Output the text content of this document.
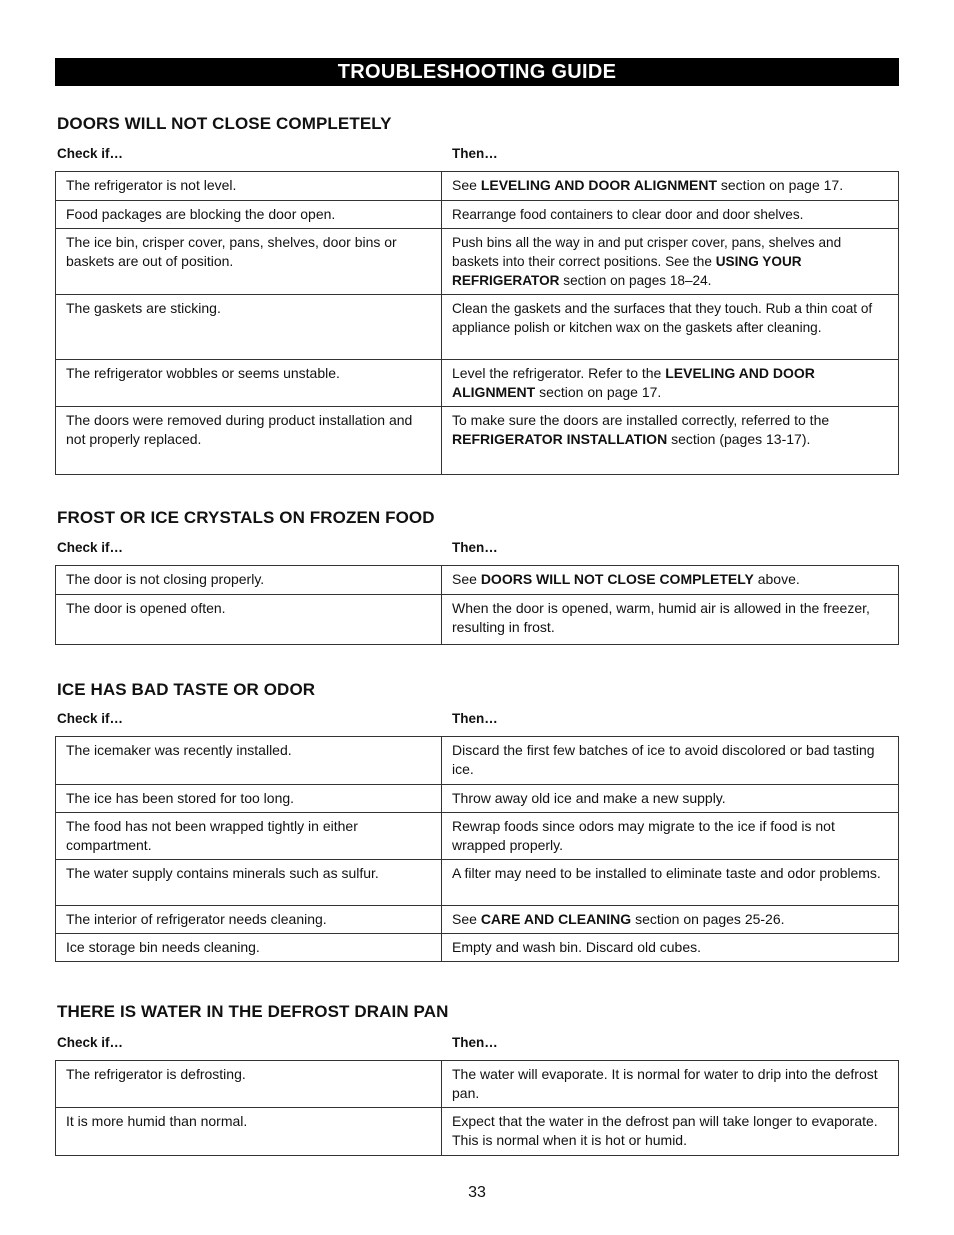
TROUBLESHOOTING GUIDE
DOORS WILL NOT CLOSE COMPLETELY
Check if…	Then…
The refrigerator is not level.	See LEVELING AND DOOR ALIGNMENT section on page 17.
Food packages are blocking the door open.	Rearrange food containers to clear door and door shelves.
The ice bin, crisper cover, pans, shelves, door bins or baskets are out of position.	Push bins all the way in and put crisper cover, pans, shelves and baskets into their correct positions. See the USING YOUR REFRIGERATOR section on pages 18–24.
The gaskets are sticking.	Clean the gaskets and the surfaces that they touch. Rub a thin coat of appliance polish or kitchen wax on the gaskets after cleaning.
The refrigerator wobbles or seems unstable.	Level the refrigerator. Refer to the LEVELING AND DOOR ALIGNMENT section on page 17.
The doors were removed during product installation and not properly replaced.	To make sure the doors are installed correctly, referred to the REFRIGERATOR INSTALLATION section (pages 13-17).
FROST OR ICE CRYSTALS ON FROZEN FOOD
Check if…	Then…
The door is not closing properly.	See DOORS WILL NOT CLOSE COMPLETELY above.
The door is opened often.	When the door is opened, warm, humid air is allowed in the freezer, resulting in frost.
ICE HAS BAD TASTE OR ODOR
Check if…	Then…
The icemaker was recently installed.	Discard the first few batches of ice to avoid discolored or bad tasting ice.
The ice has been stored for too long.	Throw away old ice and make a new supply.
The food has not been wrapped tightly in either compartment.	Rewrap foods since odors may migrate to the ice if food is not wrapped properly.
The water supply contains minerals such as sulfur.	A filter may need to be installed to eliminate taste and odor problems.
The interior of refrigerator needs cleaning.	See CARE AND CLEANING section on pages 25-26.
Ice storage bin needs cleaning.	Empty and wash bin. Discard old cubes.
THERE IS WATER IN THE DEFROST DRAIN PAN
Check if…	Then…
The refrigerator is defrosting.	The water will evaporate. It is normal for water to drip into the defrost pan.
It is more humid than normal.	Expect that the water in the defrost pan will take longer to evaporate. This is normal when it is hot or humid.
33
